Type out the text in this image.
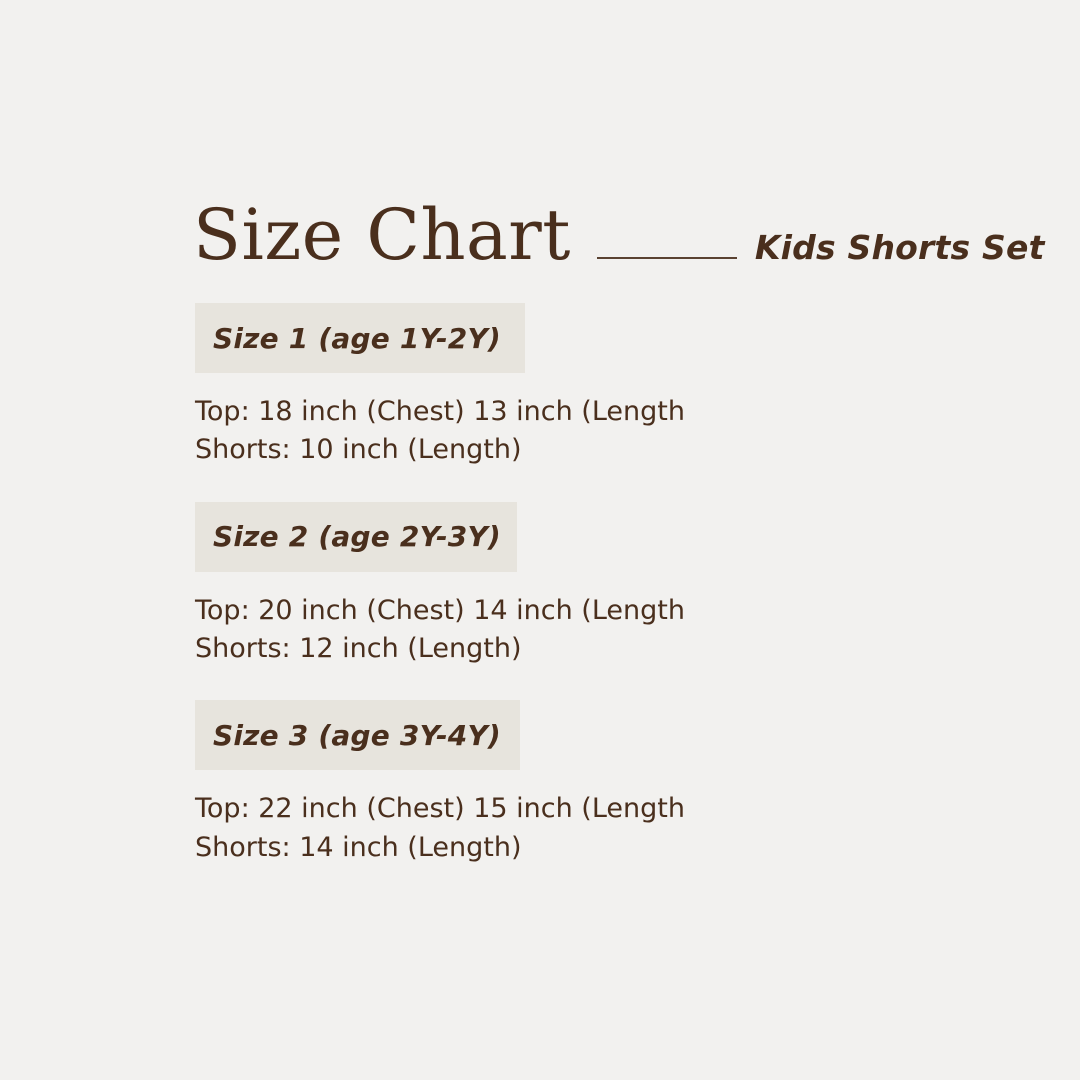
Size Chart	Kids Shorts Set
Size 1 (age 1Y-2Y)
Top: 18 inch (Chest) 13 inch (Length
Shorts: 10 inch (Length)
Size 2 (age 2Y-3Y)
Top: 20 inch (Chest) 14 inch (Length
Shorts: 12 inch (Length)
Size 3 (age 3Y-4Y)
Top: 22 inch (Chest) 15 inch (Length
Shorts: 14 inch (Length)
